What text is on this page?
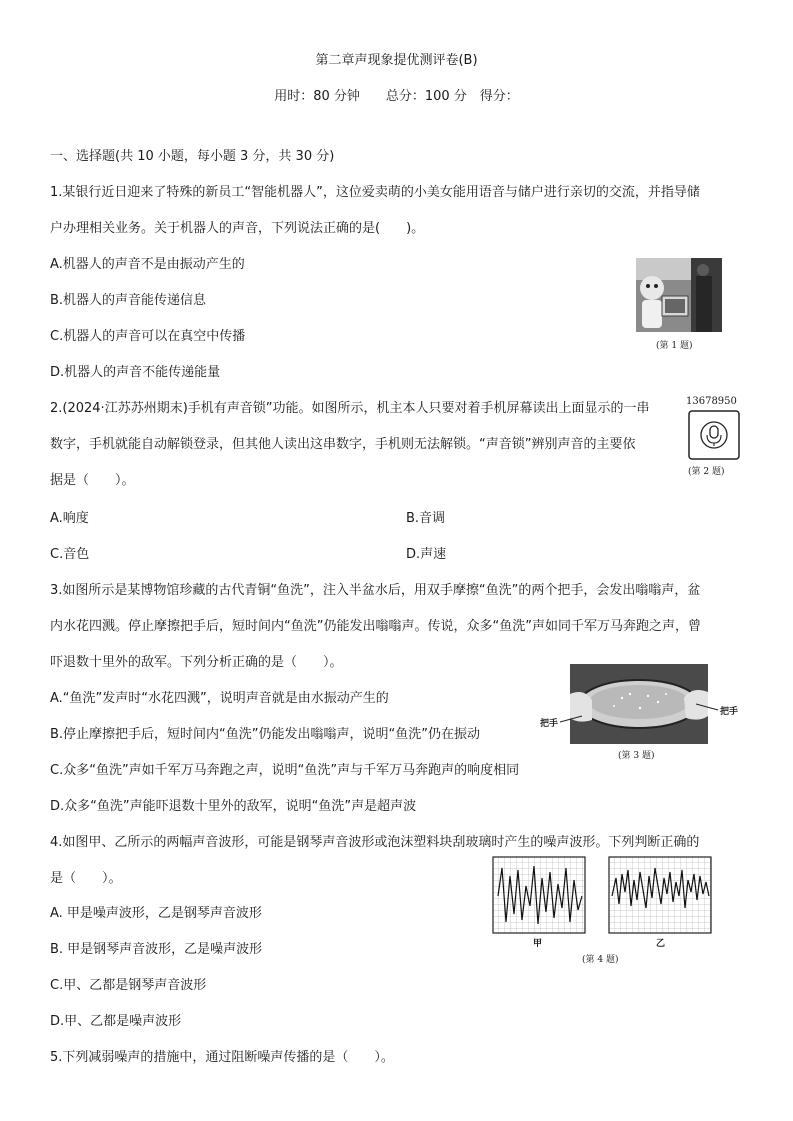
第二章声现象提优测评卷(B)
用时：80 分钟　　总分：100 分　得分：
一、选择题(共 10 小题，每小题 3 分，共 30 分)
1.某银行近日迎来了特殊的新员工“智能机器人”，这位爱卖萌的小美女能用语音与储户进行亲切的交流，并指导储
户办理相关业务。关于机器人的声音，下列说法正确的是(　　)。
A.机器人的声音不是由振动产生的
B.机器人的声音能传递信息
C.机器人的声音可以在真空中传播
D.机器人的声音不能传递能量
(第 1 题)
2.(2024·江苏苏州期末)手机有声音锁”功能。如图所示，机主本人只要对着手机屏幕读出上面显示的一串
数字，手机就能自动解锁登录，但其他人读出这串数字，手机则无法解锁。“声音锁”辨别声音的主要依
据是（　　）。
A.响度	B.音调
C.音色	D.声速
13678950
(第 2 题)
3.如图所示是某博物馆珍藏的古代青铜“鱼洗”，注入半盆水后，用双手摩擦“鱼洗”的两个把手，会发出嗡嗡声，盆
内水花四溅。停止摩擦把手后，短时间内“鱼洗”仍能发出嗡嗡声。传说，众多“鱼洗”声如同千军万马奔跑之声，曾
吓退数十里外的敌军。下列分析正确的是（　　）。
A.“鱼洗”发声时“水花四溅”，说明声音就是由水振动产生的
B.停止摩擦把手后，短时间内“鱼洗”仍能发出嗡嗡声，说明“鱼洗”仍在振动
C.众多“鱼洗”声如千军万马奔跑之声，说明“鱼洗”声与千军万马奔跑声的响度相同
D.众多“鱼洗”声能吓退数十里外的敌军，说明“鱼洗”声是超声波
把手
把手
(第 3 题)
4.如图甲、乙所示的两幅声音波形，可能是钢琴声音波形或泡沫塑料块刮玻璃时产生的噪声波形。下列判断正确的
是（　　）。
A. 甲是噪声波形，乙是钢琴声音波形
B. 甲是钢琴声音波形，乙是噪声波形
C.甲、乙都是钢琴声音波形
D.甲、乙都是噪声波形
甲	乙
(第 4 题)
5.下列减弱噪声的措施中，通过阻断噪声传播的是（　　）。
